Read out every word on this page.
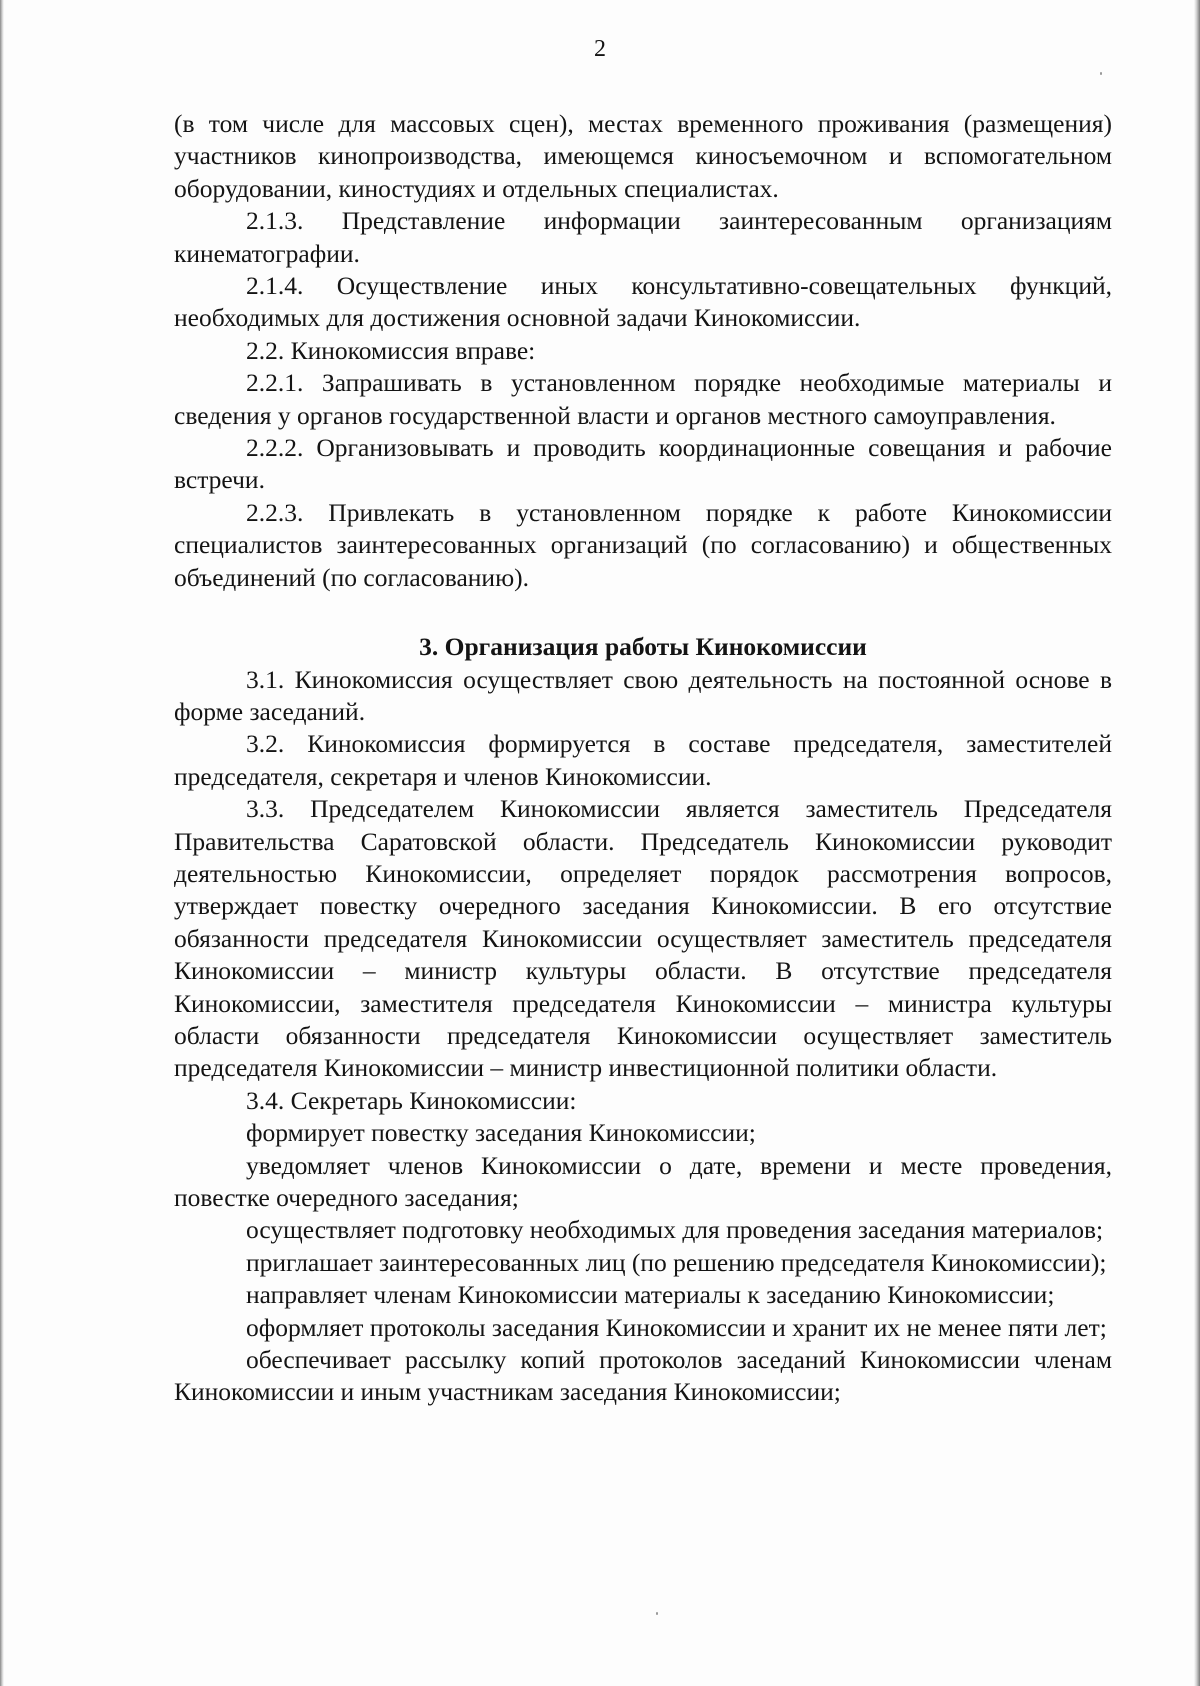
2

(в том числе для массовых сцен), местах временного проживания (размещения) участников кинопроизводства, имеющемся киносъемочном и вспомогательном оборудовании, киностудиях и отдельных специалистах.

2.1.3. Представление информации заинтересованным организациям кинематографии.

2.1.4. Осуществление иных консультативно-совещательных функций, необходимых для достижения основной задачи Кинокомиссии.

2.2. Кинокомиссия вправе:

2.2.1. Запрашивать в установленном порядке необходимые материалы и сведения у органов государственной власти и органов местного самоуправления.

2.2.2. Организовывать и проводить координационные совещания и рабочие встречи.

2.2.3. Привлекать в установленном порядке к работе Кинокомиссии специалистов заинтересованных организаций (по согласованию) и общественных объединений (по согласованию).

3. Организация работы Кинокомиссии

3.1. Кинокомиссия осуществляет свою деятельность на постоянной основе в форме заседаний.

3.2. Кинокомиссия формируется в составе председателя, заместителей председателя, секретаря и членов Кинокомиссии.

3.3. Председателем Кинокомиссии является заместитель Председателя Правительства Саратовской области. Председатель Кинокомиссии руководит деятельностью Кинокомиссии, определяет порядок рассмотрения вопросов, утверждает повестку очередного заседания Кинокомиссии. В его отсутствие обязанности председателя Кинокомиссии осуществляет заместитель председателя Кинокомиссии – министр культуры области. В отсутствие председателя Кинокомиссии, заместителя председателя Кинокомиссии – министра культуры области обязанности председателя Кинокомиссии осуществляет заместитель председателя Кинокомиссии – министр инвестиционной политики области.

3.4. Секретарь Кинокомиссии:

формирует повестку заседания Кинокомиссии;

уведомляет членов Кинокомиссии о дате, времени и месте проведения, повестке очередного заседания;

осуществляет подготовку необходимых для проведения заседания материалов;

приглашает заинтересованных лиц (по решению председателя Кинокомиссии);

направляет членам Кинокомиссии материалы к заседанию Кинокомиссии;

оформляет протоколы заседания Кинокомиссии и хранит их не менее пяти лет;

обеспечивает рассылку копий протоколов заседаний Кинокомиссии членам Кинокомиссии и иным участникам заседания Кинокомиссии;
